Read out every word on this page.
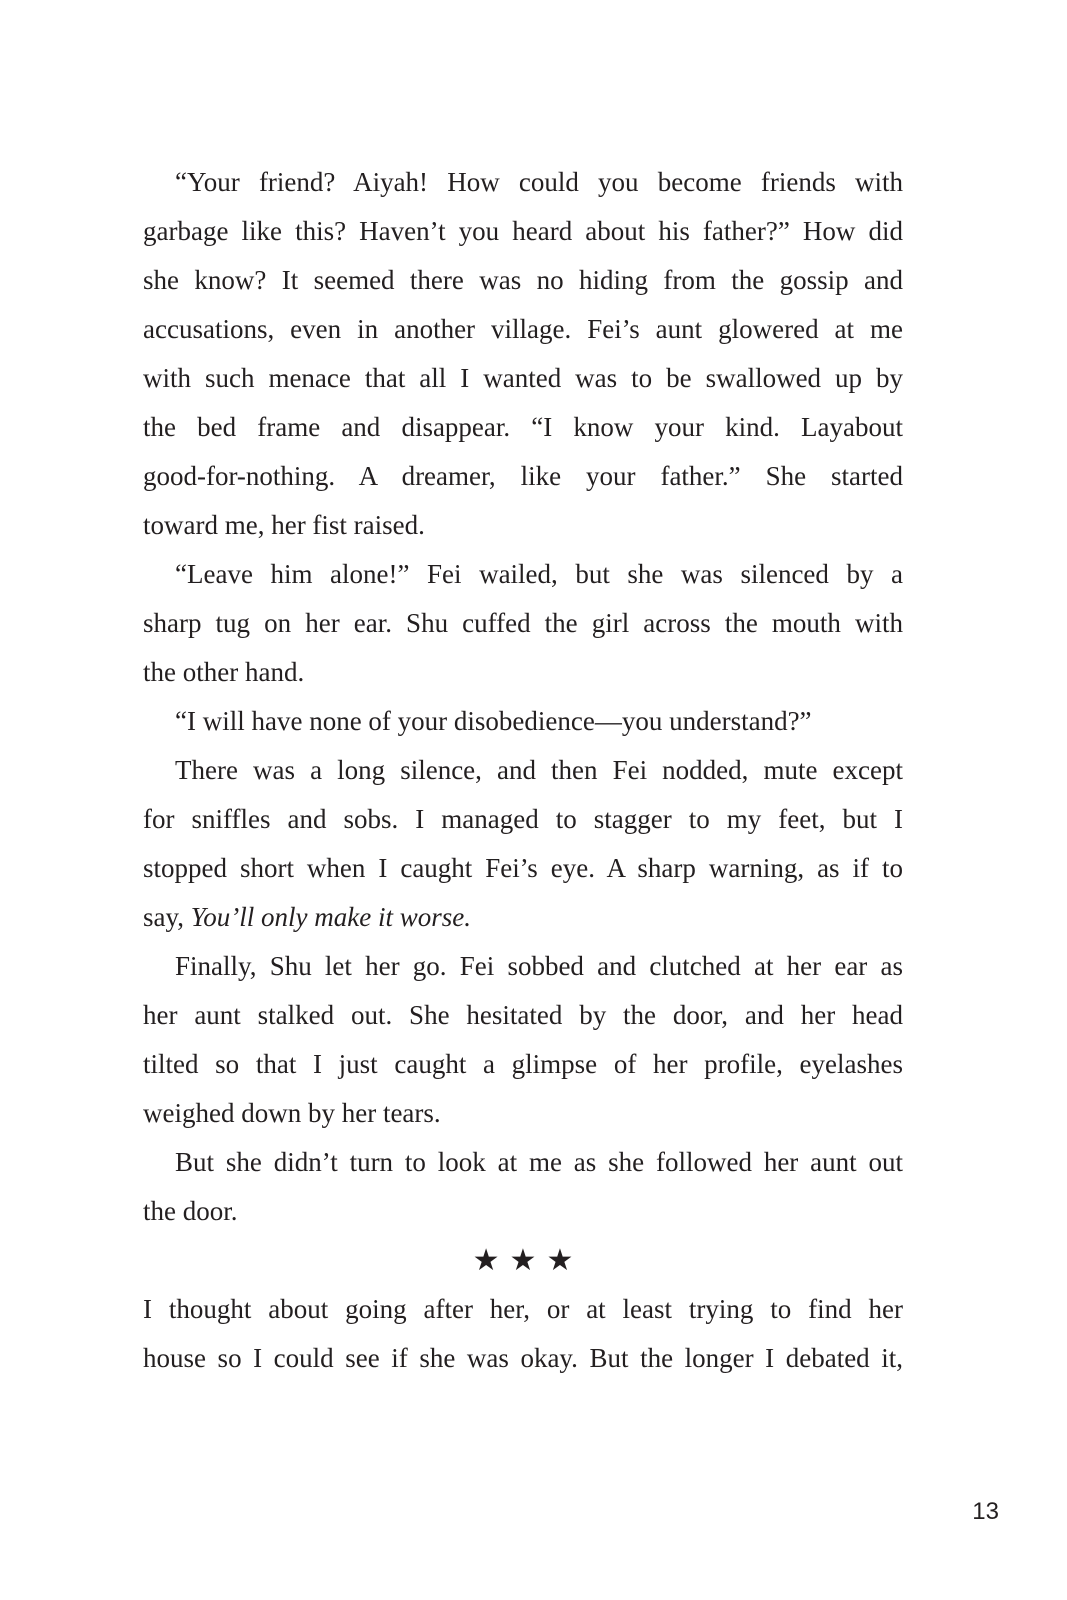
“Your friend? Aiyah! How could you become friends with
garbage like this? Haven’t you heard about his father?” How did
she know? It seemed there was no hiding from the gossip and
accusations, even in another village. Fei’s aunt glowered at me
with such menace that all I wanted was to be swallowed up by
the bed frame and disappear. “I know your kind. Layabout
good-for-nothing. A dreamer, like your father.” She started
toward me, her fist raised.

“Leave him alone!” Fei wailed, but she was silenced by a
sharp tug on her ear. Shu cuffed the girl across the mouth with
the other hand.

“I will have none of your disobedience—you understand?”

There was a long silence, and then Fei nodded, mute except
for sniffles and sobs. I managed to stagger to my feet, but I
stopped short when I caught Fei’s eye. A sharp warning, as if to
say, You’ll only make it worse.

Finally, Shu let her go. Fei sobbed and clutched at her ear as
her aunt stalked out. She hesitated by the door, and her head
tilted so that I just caught a glimpse of her profile, eyelashes
weighed down by her tears.

But she didn’t turn to look at me as she followed her aunt out
the door.

★★★

I thought about going after her, or at least trying to find her
house so I could see if she was okay. But the longer I debated it,

13
